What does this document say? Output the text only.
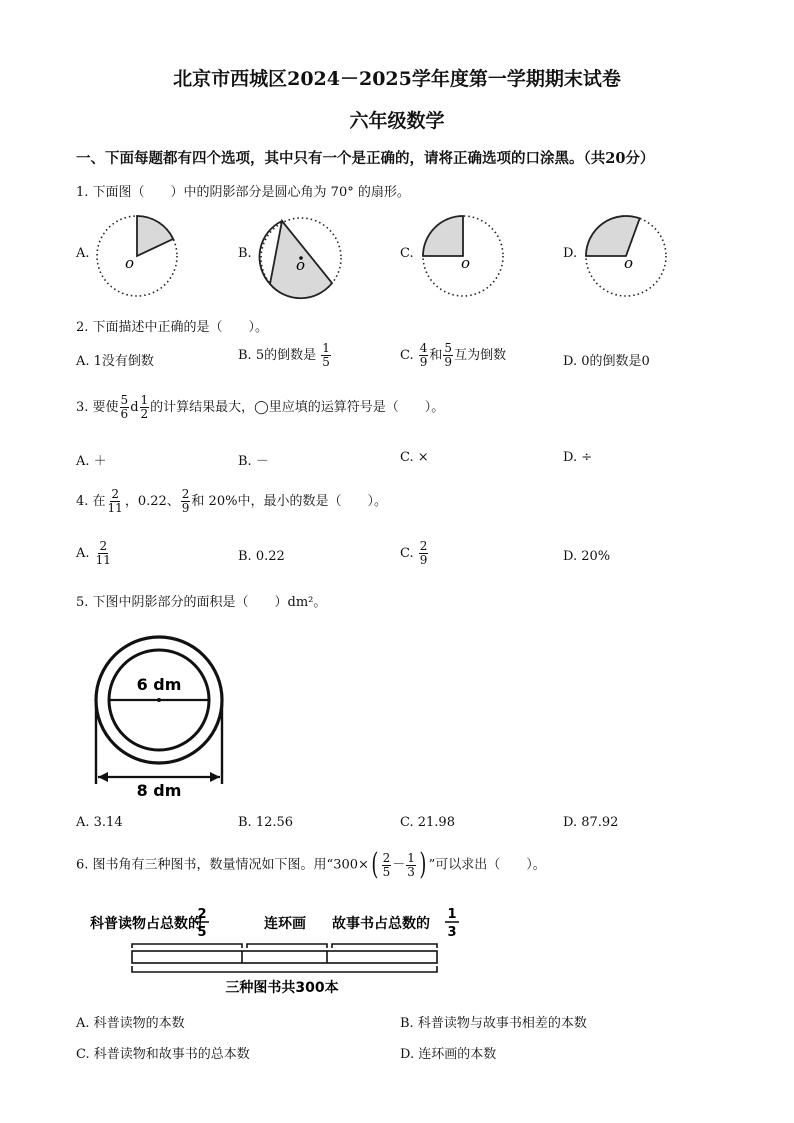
北京市西城区2024－2025学年度第一学期期末试卷
六年级数学
一、下面每题都有四个选项，其中只有一个是正确的，请将正确选项的口涂黑。（共20分）
1. 下面图（　　）中的阴影部分是圆心角为 70° 的扇形。
A.
o
B.
o
C.
o
D.
o
2. 下面描述中正确的是（　　）。
A. 1没有倒数	B. 5的倒数是 $\frac{1}{5}$	C. $\frac{4}{9}$ 和 $\frac{5}{9}$ 互为倒数	D. 0的倒数是0
3. 要使 $\frac{5}{6}$ d $\frac{1}{2}$ 的计算结果最大，◯里应填的运算符号是（　　）。
A. ＋	B. －	C. ×	D. ÷
4. 在 $\frac{2}{11}$ ，0.22、 $\frac{2}{9}$ 和 20%中，最小的数是（　　）。
A. $\frac{2}{11}$	B. 0.22	C. $\frac{2}{9}$	D. 20%
5. 下图中阴影部分的面积是（　　）dm²。
6 dm
8 dm
A. 3.14	B. 12.56	C. 21.98	D. 87.92
6. 图书角有三种图书，数量情况如下图。用“$300\times( \frac{2}{5} - \frac{1}{3}$ ) ”可以求出（　　）。
科普读物占总数的
2
5
连环画 故事书占总数的
1
3
三种图书共300本
A. 科普读物的本数	B. 科普读物与故事书相差的本数
C. 科普读物和故事书的总本数	D. 连环画的本数
